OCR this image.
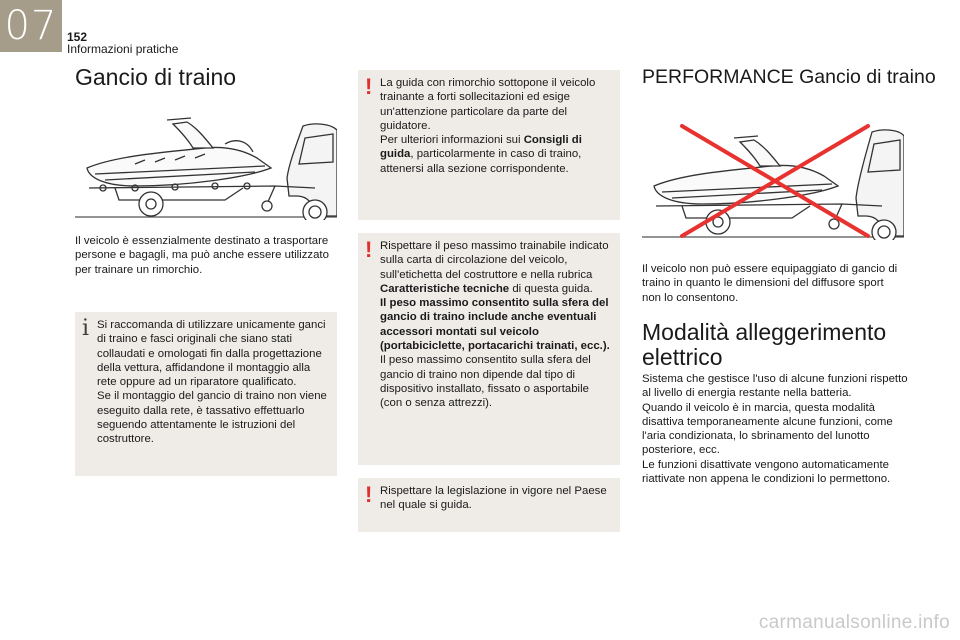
07 152
Informazioni pratiche
Gancio di traino

Il veicolo è essenzialmente destinato a trasportare persone e bagagli, ma può anche essere utilizzato per trainare un rimorchio.

i Si raccomanda di utilizzare unicamente ganci di traino e fasci originali che siano stati collaudati e omologati fin dalla progettazione della vettura, affidandone il montaggio alla rete oppure ad un riparatore qualificato.
Se il montaggio del gancio di traino non viene eseguito dalla rete, è tassativo effettuarlo seguendo attentamente le istruzioni del costruttore.
! La guida con rimorchio sottopone il veicolo trainante a forti sollecitazioni ed esige un'attenzione particolare da parte del guidatore.
Per ulteriori informazioni sui Consigli di guida, particolarmente in caso di traino, attenersi alla sezione corrispondente.
! Rispettare il peso massimo trainabile indicato sulla carta di circolazione del veicolo, sull'etichetta del costruttore e nella rubrica Caratteristiche tecniche di questa guida.
Il peso massimo consentito sulla sfera del gancio di traino include anche eventuali accessori montati sul veicolo (portabiciclette, portacarichi trainati, ecc.).
Il peso massimo consentito sulla sfera del gancio di traino non dipende dal tipo di dispositivo installato, fissato o asportabile (con o senza attrezzi).
! Rispettare la legislazione in vigore nel Paese nel quale si guida.
PERFORMANCE Gancio di traino

Il veicolo non può essere equipaggiato di gancio di traino in quanto le dimensioni del diffusore sport non lo consentono.

Modalità alleggerimento elettrico

Sistema che gestisce l'uso di alcune funzioni rispetto al livello di energia restante nella batteria.
Quando il veicolo è in marcia, questa modalità disattiva temporaneamente alcune funzioni, come l'aria condizionata, lo sbrinamento del lunotto posteriore, ecc.
Le funzioni disattivate vengono automaticamente riattivate non appena le condizioni lo permettono.

carmanualsonline.info
